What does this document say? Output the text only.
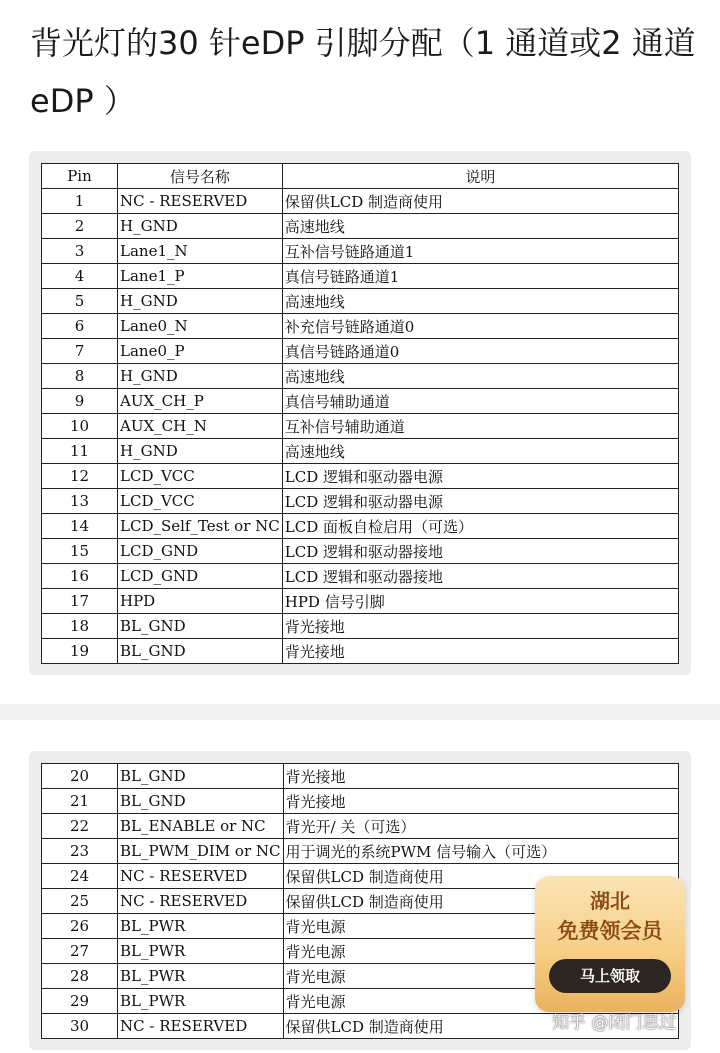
背光灯的30 针eDP 引脚分配（1 通道或2 通道eDP ）
Pin	信号名称	说明
1	NC - RESERVED	保留供LCD 制造商使用
2	H_GND	高速地线
3	Lane1_N	互补信号链路通道1
4	Lane1_P	真信号链路通道1
5	H_GND	高速地线
6	Lane0_N	补充信号链路通道0
7	Lane0_P	真信号链路通道0
8	H_GND	高速地线
9	AUX_CH_P	真信号辅助通道
10	AUX_CH_N	互补信号辅助通道
11	H_GND	高速地线
12	LCD_VCC	LCD 逻辑和驱动器电源
13	LCD_VCC	LCD 逻辑和驱动器电源
14	LCD_Self_Test or NC	LCD 面板自检启用（可选）
15	LCD_GND	LCD 逻辑和驱动器接地
16	LCD_GND	LCD 逻辑和驱动器接地
17	HPD	HPD 信号引脚
18	BL_GND	背光接地
19	BL_GND	背光接地
20	BL_GND	背光接地
21	BL_GND	背光接地
22	BL_ENABLE or NC	背光开/ 关（可选）
23	BL_PWM_DIM or NC	用于调光的系统PWM 信号输入（可选）
24	NC - RESERVED	保留供LCD 制造商使用
25	NC - RESERVED	保留供LCD 制造商使用
26	BL_PWR	背光电源
27	BL_PWR	背光电源
28	BL_PWR	背光电源
29	BL_PWR	背光电源
30	NC - RESERVED	保留供LCD 制造商使用
湖北
免费领会员
马上领取
知乎 @闭门思过
